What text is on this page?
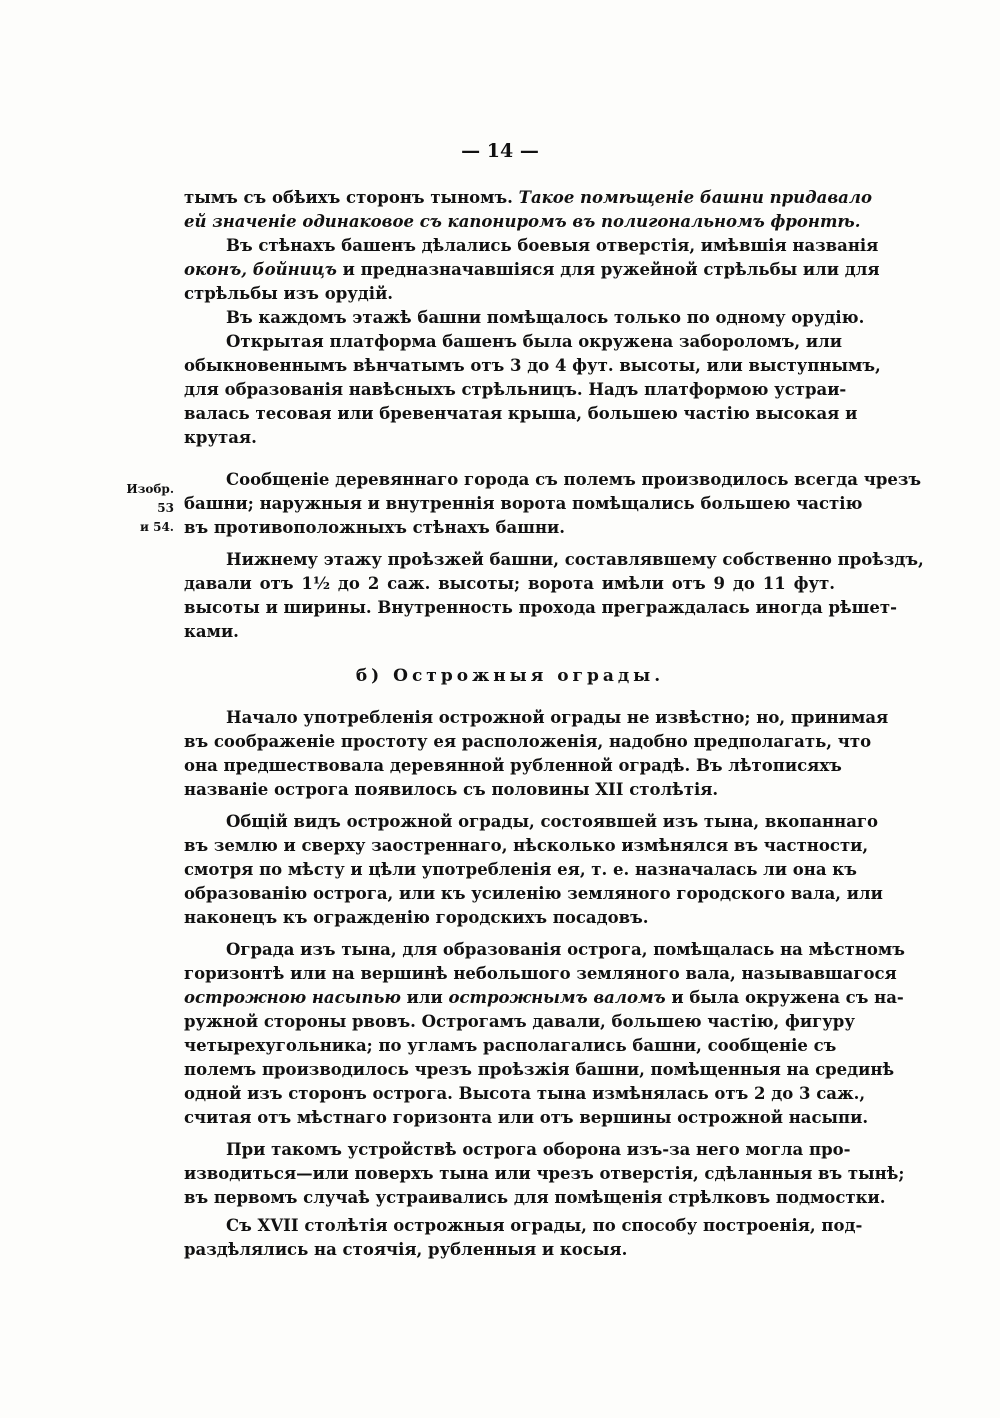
— 14 —
тымъ съ обѣихъ сторонъ тыномъ. Такое помѣщеніе башни придавало
ей значеніе одинаковое съ капониромъ въ полигональномъ фронтѣ.
Въ стѣнахъ башенъ дѣлались боевыя отверстія, имѣвшія названія
оконъ, бойницъ и предназначавшіяся для ружейной стрѣльбы или для
стрѣльбы изъ орудій.
Въ каждомъ этажѣ башни помѣщалось только по одному орудію.
Открытая платформа башенъ была окружена забороломъ, или
обыкновеннымъ вѣнчатымъ отъ 3 до 4 фут. высоты, или выступнымъ,
для образованія навѣсныхъ стрѣльницъ. Надъ платформою устраи-
валась тесовая или бревенчатая крыша, большею частію высокая и
крутая.
Изобр. 53
и 54.
Сообщеніе деревяннаго города съ полемъ производилось всегда чрезъ
башни; наружныя и внутреннія ворота помѣщались большею частію
въ противоположныхъ стѣнахъ башни.
Нижнему этажу проѣзжей башни, составлявшему собственно проѣздъ,
давали отъ 1½ до 2 саж. высоты; ворота имѣли отъ 9 до 11 фут.
высоты и ширины. Внутренность прохода преграждалась иногда рѣшет-
ками.
б) Острожныя ограды.
Начало употребленія острожной ограды не извѣстно; но, принимая
въ соображеніе простоту ея расположенія, надобно предполагать, что
она предшествовала деревянной рубленной оградѣ. Въ лѣтописяхъ
названіе острога появилось съ половины XII столѣтія.
Общій видъ острожной ограды, состоявшей изъ тына, вкопаннаго
въ землю и сверху заостреннаго, нѣсколько измѣнялся въ частности,
смотря по мѣсту и цѣли употребленія ея, т. е. назначалась ли она къ
образованію острога, или къ усиленію земляного городского вала, или
наконецъ къ огражденію городскихъ посадовъ.
Ограда изъ тына, для образованія острога, помѣщалась на мѣстномъ
горизонтѣ или на вершинѣ небольшого земляного вала, называвшагося
острожною насыпью или острожнымъ валомъ и была окружена съ на-
ружной стороны рвовъ. Острогамъ давали, большею частію, фигуру
четырехугольника; по угламъ располагались башни, сообщеніе съ
полемъ производилось чрезъ проѣзжія башни, помѣщенныя на срединѣ
одной изъ сторонъ острога. Высота тына измѣнялась отъ 2 до 3 саж.,
считая отъ мѣстнаго горизонта или отъ вершины острожной насыпи.
При такомъ устройствѣ острога оборона изъ-за него могла про-
изводиться—или поверхъ тына или чрезъ отверстія, сдѣланныя въ тынѣ;
въ первомъ случаѣ устраивались для помѣщенія стрѣлковъ подмостки.
Съ XVII столѣтія острожныя ограды, по способу построенія, под-
раздѣлялись на стоячія, рубленныя и косыя.
